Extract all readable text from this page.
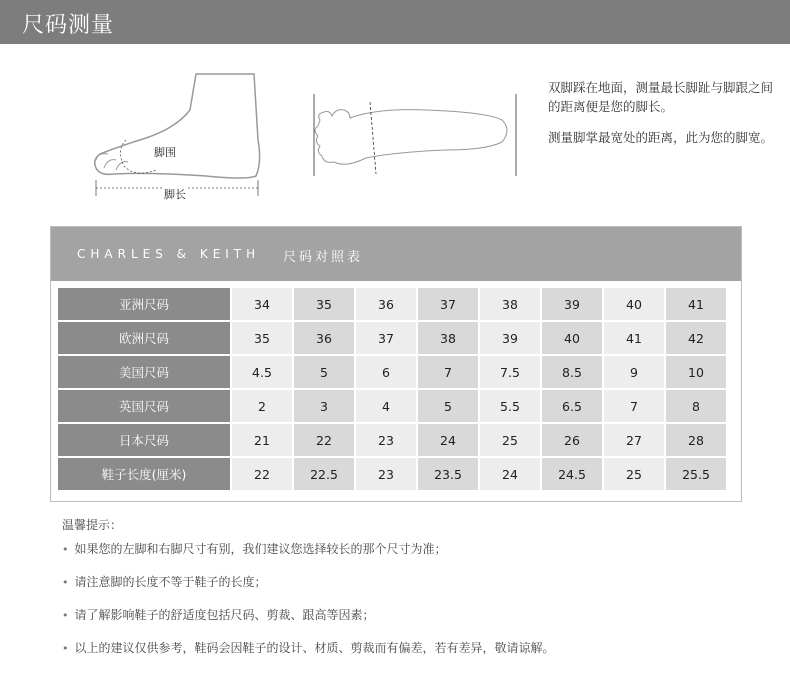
尺码测量
脚围
脚长

双脚踩在地面，测量最长脚趾与脚跟之间的距离便是您的脚长。

测量脚掌最宽处的距离，此为您的脚宽。

CHARLES & KEITH 尺码对照表
亚洲尺码	34	35	36	37	38	39	40	41
欧洲尺码	35	36	37	38	39	40	41	42
美国尺码	4.5	5	6	7	7.5	8.5	9	10
英国尺码	2	3	4	5	5.5	6.5	7	8
日本尺码	21	22	23	24	25	26	27	28
鞋子长度(厘米)	22	22.5	23	23.5	24	24.5	25	25.5
温馨提示：
• 如果您的左脚和右脚尺寸有别，我们建议您选择较长的那个尺寸为准；
• 请注意脚的长度不等于鞋子的长度；
• 请了解影响鞋子的舒适度包括尺码、剪裁、跟高等因素；
• 以上的建议仅供参考，鞋码会因鞋子的设计、材质、剪裁而有偏差，若有差异，敬请谅解。
